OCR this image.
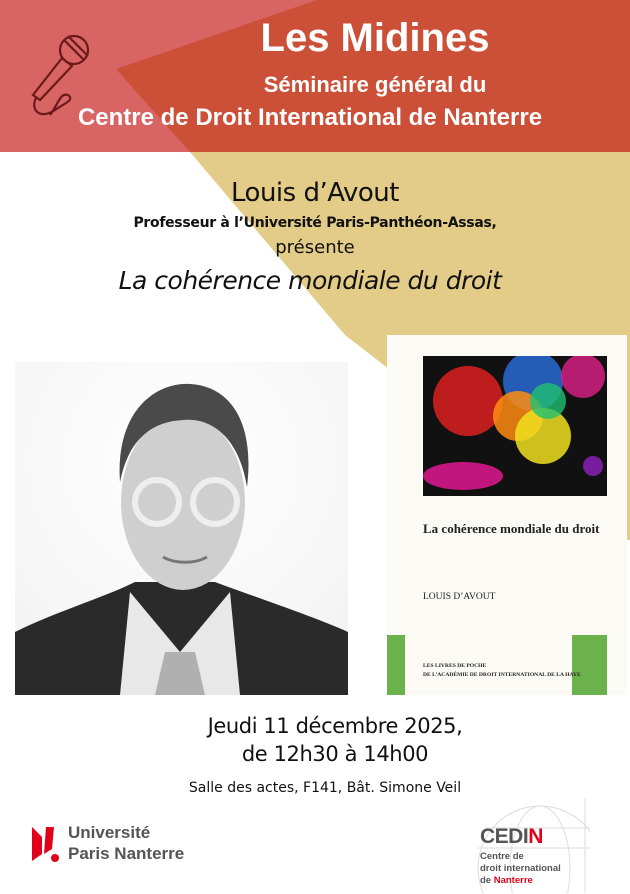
Les Midines
Séminaire général du
Centre de Droit International de Nanterre
Louis d’Avout
Professeur à l’Université Paris-Panthéon-Assas,
présente
La cohérence mondiale du droit
La cohérence mondiale du droit
LOUIS D’AVOUT
LES LIVRES DE POCHE
DE L’ACADÉMIE DE DROIT INTERNATIONAL DE LA HAYE
Jeudi 11 décembre 2025,
de 12h30 à 14h00
Salle des actes, F141, Bât. Simone Veil
Université
Paris Nanterre
CEDIN
Centre de
droit international
de Nanterre
